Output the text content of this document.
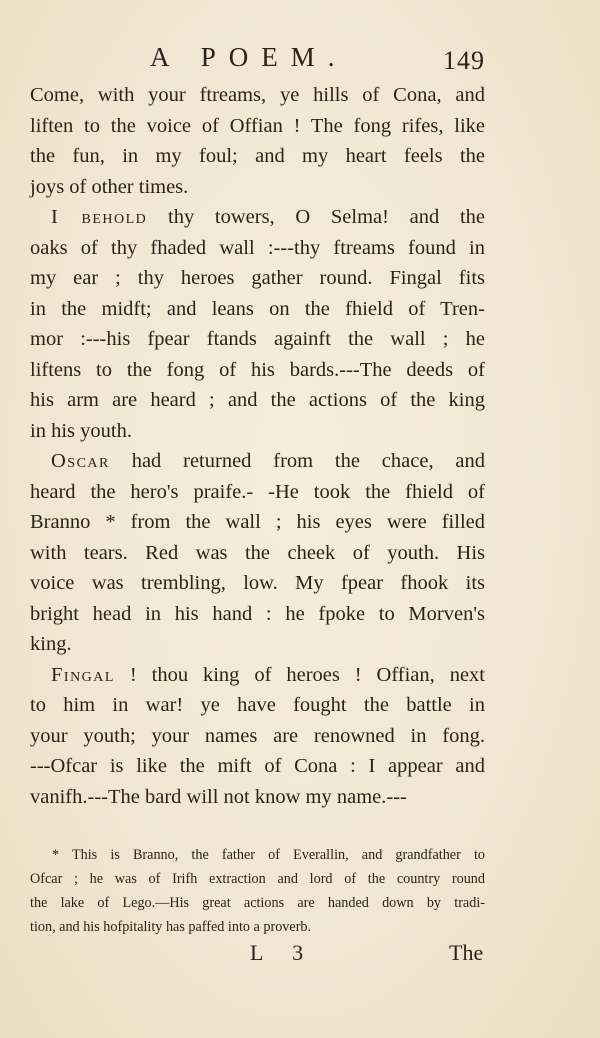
A POEM.	149
Come, with your ftreams, ye hills of Cona, and
liften to the voice of Offian ! The fong rifes, like
the fun, in my foul; and my heart feels the
joys of other times.
I behold thy towers, O Selma! and the
oaks of thy fhaded wall :---thy ftreams found in
my ear ; thy heroes gather round. Fingal fits
in the midft; and leans on the fhield of Tren-
mor :---his fpear ftands againft the wall ; he
liftens to the fong of his bards.---The deeds of
his arm are heard ; and the actions of the king
in his youth.
Oscar had returned from the chace, and
heard the hero's praife.- -He took the fhield of
Branno * from the wall ; his eyes were filled
with tears. Red was the cheek of youth. His
voice was trembling, low. My fpear fhook its
bright head in his hand : he fpoke to Morven's
king.
Fingal ! thou king of heroes ! Offian, next
to him in war! ye have fought the battle in
your youth; your names are renowned in fong.
---Ofcar is like the mift of Cona : I appear and
vanifh.---The bard will not know my name.---
* This is Branno, the father of Everallin, and grandfather to
Ofcar ; he was of Irifh extraction and lord of the country round
the lake of Lego.—His great actions are handed down by tradi-
tion, and his hofpitality has paffed into a proverb.
L 3	The
